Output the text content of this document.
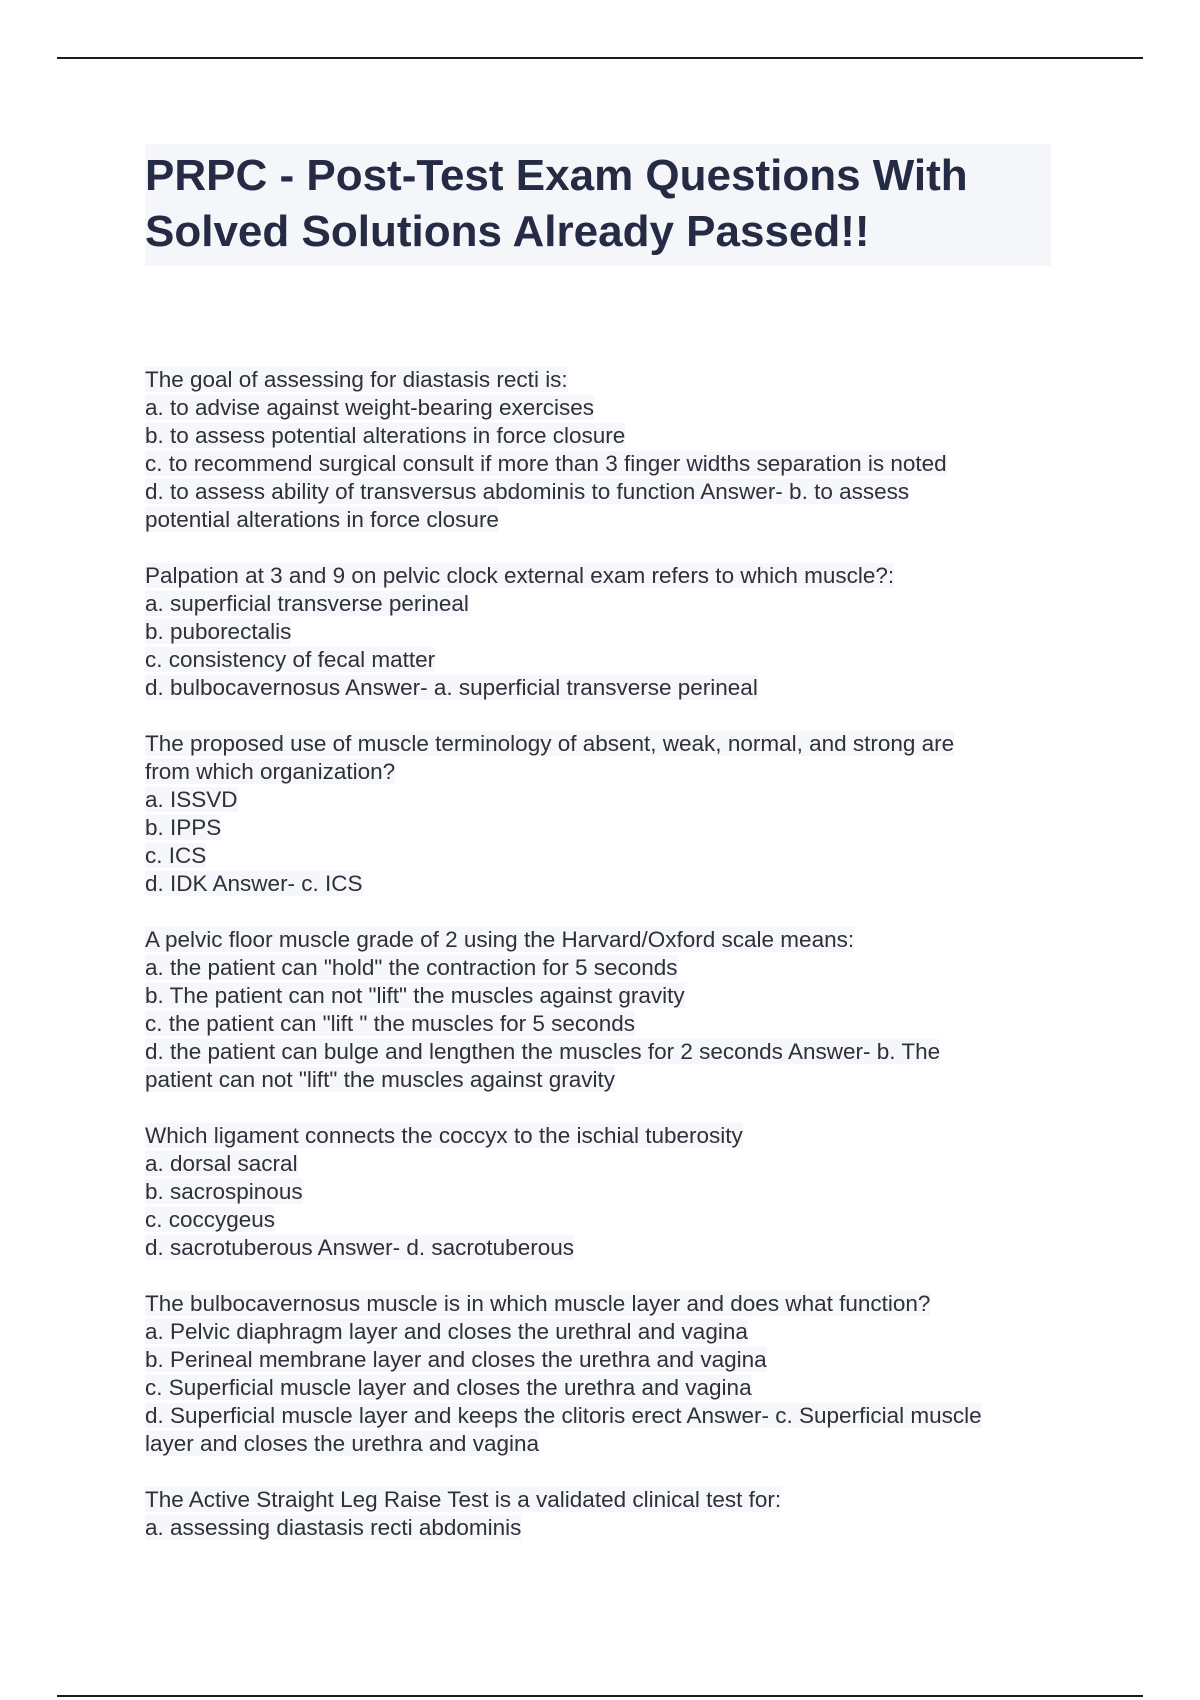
PRPC - Post-Test Exam Questions With
Solved Solutions Already Passed!!
The goal of assessing for diastasis recti is:
a. to advise against weight-bearing exercises
b. to assess potential alterations in force closure
c. to recommend surgical consult if more than 3 finger widths separation is noted
d. to assess ability of transversus abdominis to function Answer- b. to assess
potential alterations in force closure
Palpation at 3 and 9 on pelvic clock external exam refers to which muscle?:
a. superficial transverse perineal
b. puborectalis
c. consistency of fecal matter
d. bulbocavernosus Answer- a. superficial transverse perineal
The proposed use of muscle terminology of absent, weak, normal, and strong are
from which organization?
a. ISSVD
b. IPPS
c. ICS
d. IDK Answer- c. ICS
A pelvic floor muscle grade of 2 using the Harvard/Oxford scale means:
a. the patient can "hold" the contraction for 5 seconds
b. The patient can not "lift" the muscles against gravity
c. the patient can "lift " the muscles for 5 seconds
d. the patient can bulge and lengthen the muscles for 2 seconds Answer- b. The
patient can not "lift" the muscles against gravity
Which ligament connects the coccyx to the ischial tuberosity
a. dorsal sacral
b. sacrospinous
c. coccygeus
d. sacrotuberous Answer- d. sacrotuberous
The bulbocavernosus muscle is in which muscle layer and does what function?
a. Pelvic diaphragm layer and closes the urethral and vagina
b. Perineal membrane layer and closes the urethra and vagina
c. Superficial muscle layer and closes the urethra and vagina
d. Superficial muscle layer and keeps the clitoris erect Answer- c. Superficial muscle
layer and closes the urethra and vagina
The Active Straight Leg Raise Test is a validated clinical test for:
a. assessing diastasis recti abdominis
